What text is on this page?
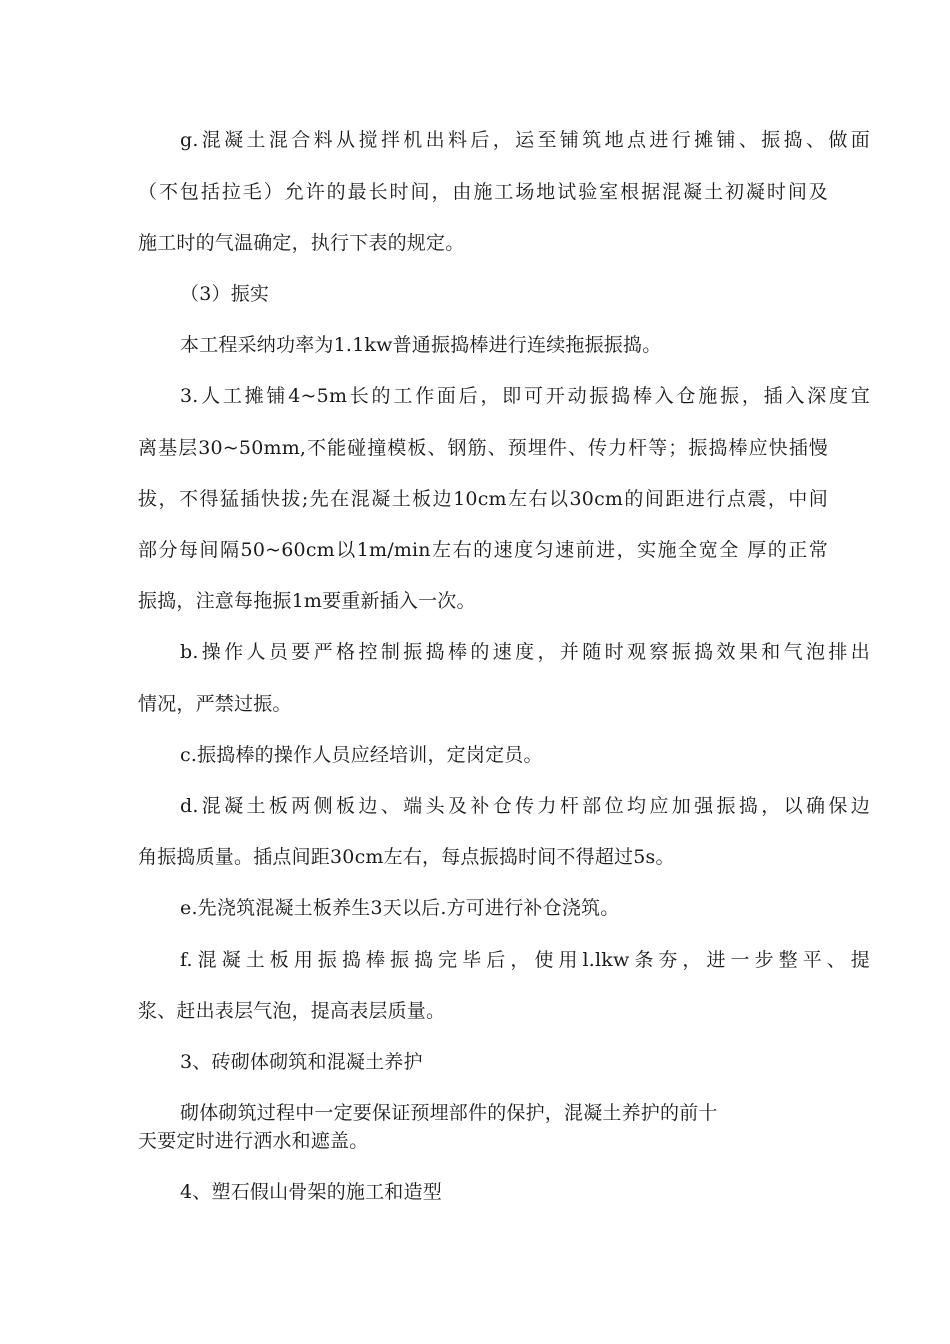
g.混凝土混合料从搅拌机出料后，运至铺筑地点进行摊铺、振捣、做面
（不包括拉毛）允许的最长时间，由施工场地试验室根据混凝土初凝时间及
施工时的气温确定，执行下表的规定。
（3）振实
本工程采纳功率为1.1kw普通振捣棒进行连续拖振振捣。
3.人工摊铺4~5m长的工作面后，即可开动振捣棒入仓施振，插入深度宜
离基层30~50mm,不能碰撞模板、钢筋、预埋件、传力杆等；振捣棒应快插慢
拔，不得猛插快拔;先在混凝土板边10cm左右以30cm的间距进行点震，中间
部分每间隔50~60cm以1m/min左右的速度匀速前进，实施全宽全 厚的正常
振捣，注意每拖振1m要重新插入一次。
b.操作人员要严格控制振捣棒的速度，并随时观察振捣效果和气泡排出
情况，严禁过振。
c.振捣棒的操作人员应经培训，定岗定员。
d.混凝土板两侧板边、端头及补仓传力杆部位均应加强振捣，以确保边
角振捣质量。插点间距30cm左右，每点振捣时间不得超过5s。
e.先浇筑混凝土板养生3天以后.方可进行补仓浇筑。
f.混凝土板用振捣棒振捣完毕后，使用l.lkw条夯，进一步整平、提
浆、赶出表层气泡，提高表层质量。
3、砖砌体砌筑和混凝土养护
砌体砌筑过程中一定要保证预埋部件的保护，混凝土养护的前十
天要定时进行洒水和遮盖。
4、塑石假山骨架的施工和造型
